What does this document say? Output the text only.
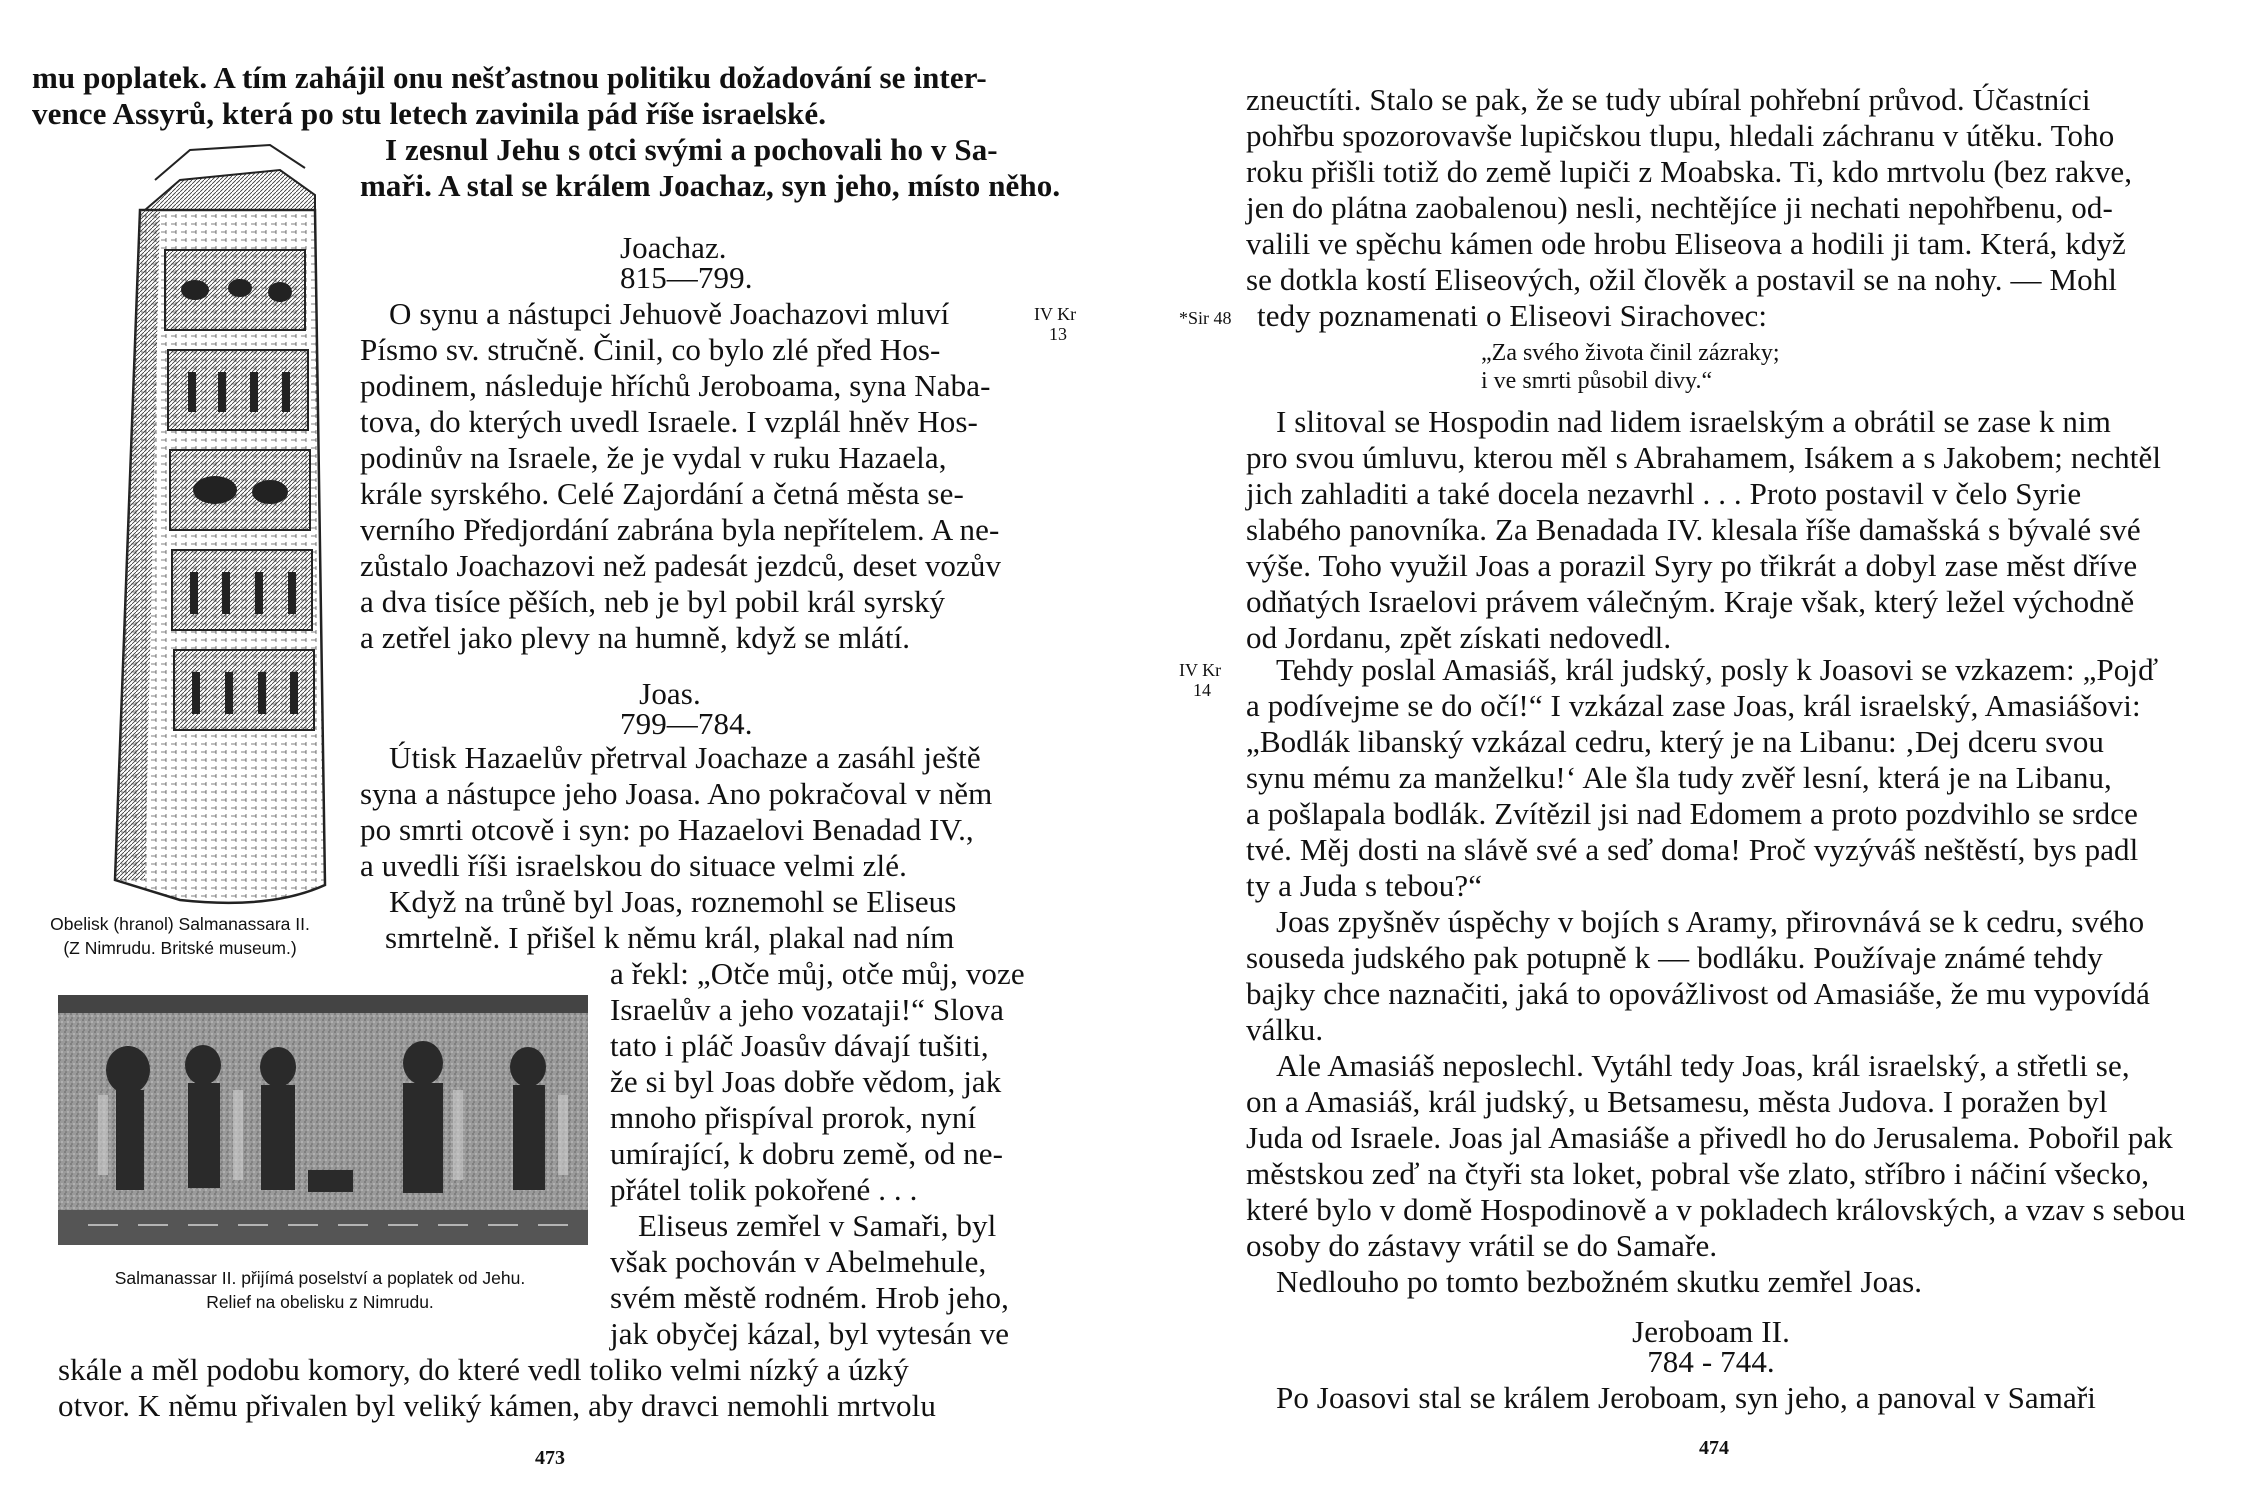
mu poplatek. A tím zahájil onu nešťastnou politiku dožadování se inter-
vence Assyrů, která po stu letech zavinila pád říše israelské.
I zesnul Jehu s otci svými a pochovali ho v Sa-
maři. A stal se králem Joachaz, syn jeho, místo něho.
Joachaz.
815—799.
O synu a nástupci Jehuově Joachazovi mluví
Písmo sv. stručně. Činil, co bylo zlé před Hos-
podinem, následuje hříchů Jeroboama, syna Naba-
tova, do kterých uvedl Israele. I vzplál hněv Hos-
podinův na Israele, že je vydal v ruku Hazaela,
krále syrského. Celé Zajordání a četná města se-
verního Předjordání zabrána byla nepřítelem. A ne-
zůstalo Joachazovi než padesát jezdců, deset vozův
a dva tisíce pěších, neb je byl pobil král syrský
a zetřel jako plevy na humně, když se mlátí.
IV Kr
13
Joas.
799—784.
Útisk Hazaelův přetrval Joachaze a zasáhl ještě
syna a nástupce jeho Joasa. Ano pokračoval v něm
po smrti otcově i syn: po Hazaelovi Benadad IV.,
a uvedli říši israelskou do situace velmi zlé.
Když na trůně byl Joas, roznemohl se Eliseus
smrtelně. I přišel k němu král, plakal nad ním
a řekl: „Otče můj, otče můj, voze
Israelův a jeho vozataji!“ Slova
tato i pláč Joasův dávají tušiti,
že si byl Joas dobře vědom, jak
mnoho přispíval prorok, nyní
umírající, k dobru země, od ne-
přátel tolik pokořené . . .
Eliseus zemřel v Samaři, byl
však pochován v Abelmehule,
svém městě rodném. Hrob jeho,
jak obyčej kázal, byl vytesán ve
skále a měl podobu komory, do které vedl toliko velmi nízký a úzký
otvor. K němu přivalen byl veliký kámen, aby dravci nemohli mrtvolu
Obelisk (hranol) Salmanassara II.
(Z Nimrudu. Britské museum.)
Salmanassar II. přijímá poselství a poplatek od Jehu.
Relief na obelisku z Nimrudu.
473
zneuctíti. Stalo se pak, že se tudy ubíral pohřební průvod. Účastníci
pohřbu spozorovavše lupičskou tlupu, hledali záchranu v útěku. Toho
roku přišli totiž do země lupiči z Moabska. Ti, kdo mrtvolu (bez rakve,
jen do plátna zaobalenou) nesli, nechtějíce ji nechati nepohřbenu, od-
valili ve spěchu kámen ode hrobu Eliseova a hodili ji tam. Která, když
se dotkla kostí Eliseových, ožil člověk a postavil se na nohy. — Mohl
tedy poznamenati o Eliseovi Sirachovec:
*Sir 48
„Za svého života činil zázraky;
i ve smrti působil divy.“
I slitoval se Hospodin nad lidem israelským a obrátil se zase k nim
pro svou úmluvu, kterou měl s Abrahamem, Isákem a s Jakobem; nechtěl
jich zahladiti a také docela nezavrhl . . . Proto postavil v čelo Syrie
slabého panovníka. Za Benadada IV. klesala říše damašská s bývalé své
výše. Toho využil Joas a porazil Syry po třikrát a dobyl zase měst dříve
odňatých Israelovi právem válečným. Kraje však, který ležel východně
od Jordanu, zpět získati nedovedl.
IV Kr
14
Tehdy poslal Amasiáš, král judský, posly k Joasovi se vzkazem: „Pojď
a podívejme se do očí!“ I vzkázal zase Joas, král israelský, Amasiášovi:
„Bodlák libanský vzkázal cedru, který je na Libanu: ‚Dej dceru svou
synu mému za manželku!‘ Ale šla tudy zvěř lesní, která je na Libanu,
a pošlapala bodlák. Zvítězil jsi nad Edomem a proto pozdvihlo se srdce
tvé. Měj dosti na slávě své a seď doma! Proč vyzýváš neštěstí, bys padl
ty a Juda s tebou?“
Joas zpyšněv úspěchy v bojích s Aramy, přirovnává se k cedru, svého
souseda judského pak potupně k — bodláku. Používaje známé tehdy
bajky chce naznačiti, jaká to opovážlivost od Amasiáše, že mu vypovídá
válku.
Ale Amasiáš neposlechl. Vytáhl tedy Joas, král israelský, a střetli se,
on a Amasiáš, král judský, u Betsamesu, města Judova. I poražen byl
Juda od Israele. Joas jal Amasiáše a přivedl ho do Jerusalema. Pobořil pak
městskou zeď na čtyři sta loket, pobral vše zlato, stříbro i náčiní všecko,
které bylo v domě Hospodinově a v pokladech královských, a vzav s sebou
osoby do zástavy vrátil se do Samaře.
Nedlouho po tomto bezbožném skutku zemřel Joas.
Jeroboam II.
784 - 744.
Po Joasovi stal se králem Jeroboam, syn jeho, a panoval v Samaři
474
